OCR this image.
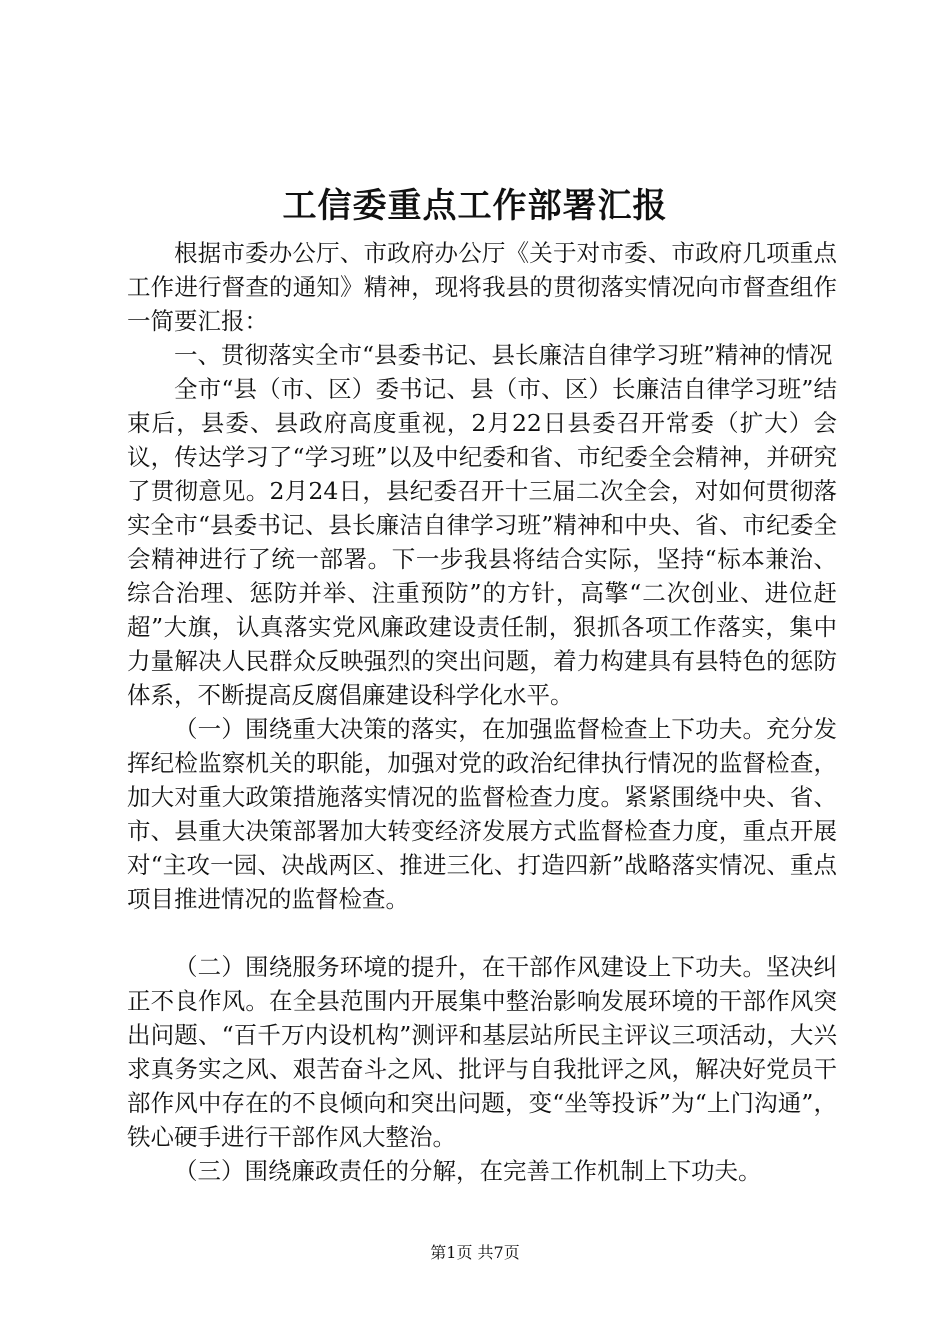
工信委重点工作部署汇报

根据市委办公厅、市政府办公厅《关于对市委、市政府几项重点工作进行督查的通知》精神，现将我县的贯彻落实情况向市督查组作一简要汇报：

一、贯彻落实全市“县委书记、县长廉洁自律学习班”精神的情况

全市“县（市、区）委书记、县（市、区）长廉洁自律学习班”结束后，县委、县政府高度重视，2月22日县委召开常委（扩大）会议，传达学习了“学习班”以及中纪委和省、市纪委全会精神，并研究了贯彻意见。2月24日，县纪委召开十三届二次全会，对如何贯彻落实全市“县委书记、县长廉洁自律学习班”精神和中央、省、市纪委全会精神进行了统一部署。下一步我县将结合实际，坚持“标本兼治、综合治理、惩防并举、注重预防”的方针，高擎“二次创业、进位赶超”大旗，认真落实党风廉政建设责任制，狠抓各项工作落实，集中力量解决人民群众反映强烈的突出问题，着力构建具有县特色的惩防体系，不断提高反腐倡廉建设科学化水平。

（一）围绕重大决策的落实，在加强监督检查上下功夫。充分发挥纪检监察机关的职能，加强对党的政治纪律执行情况的监督检查，加大对重大政策措施落实情况的监督检查力度。紧紧围绕中央、省、市、县重大决策部署加大转变经济发展方式监督检查力度，重点开展对“主攻一园、决战两区、推进三化、打造四新”战略落实情况、重点项目推进情况的监督检查。

（二）围绕服务环境的提升，在干部作风建设上下功夫。坚决纠正不良作风。在全县范围内开展集中整治影响发展环境的干部作风突出问题、“百千万内设机构”测评和基层站所民主评议三项活动，大兴求真务实之风、艰苦奋斗之风、批评与自我批评之风，解决好党员干部作风中存在的不良倾向和突出问题，变“坐等投诉”为“上门沟通”，铁心硬手进行干部作风大整治。

（三）围绕廉政责任的分解，在完善工作机制上下功夫。

第1页 共7页
